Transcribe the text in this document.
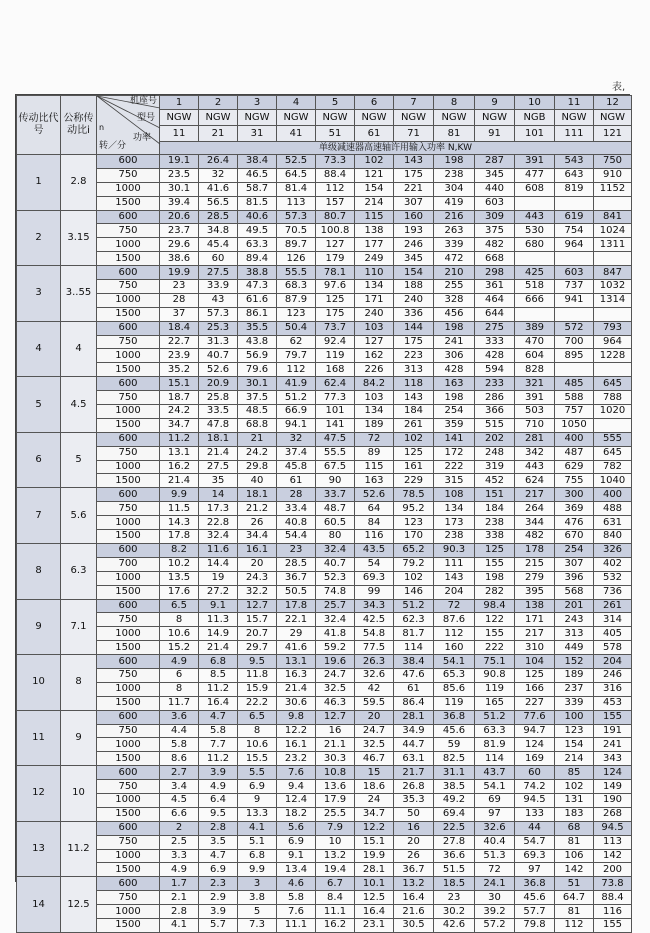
表,
传动比代号	公称传动比i	机座号
型号
n
功率
转／分	1	2	3	4	5	6	7	8	9	10	11	12
			NGW	NGW	NGW	NGW	NGW	NGW	NGW	NGW	NGW	NGB	NGW	NGW
			11	21	31	41	51	61	71	81	91	101	111	121
			单级减速器高速轴许用输入功率 N,KW											
1	2.8	600	19.1	26.4	38.4	52.5	73.3	102	143	198	287	391	543	750
		750	23.5	32	46.5	64.5	88.4	121	175	238	345	477	643	910
		1000	30.1	41.6	58.7	81.4	112	154	221	304	440	608	819	1152
		1500	39.4	56.5	81.5	113	157	214	307	419	603			
2	3.15	600	20.6	28.5	40.6	57.3	80.7	115	160	216	309	443	619	841
		750	23.7	34.8	49.5	70.5	100.8	138	193	263	375	530	754	1024
		1000	29.6	45.4	63.3	89.7	127	177	246	339	482	680	964	1311
		1500	38.6	60	89.4	126	179	249	345	472	668			
3	3..55	600	19.9	27.5	38.8	55.5	78.1	110	154	210	298	425	603	847
		750	23	33.9	47.3	68.3	97.6	134	188	255	361	518	737	1032
		1000	28	43	61.6	87.9	125	171	240	328	464	666	941	1314
		1500	37	57.3	86.1	123	175	240	336	456	644			
4	4	600	18.4	25.3	35.5	50.4	73.7	103	144	198	275	389	572	793
		750	22.7	31.3	43.8	62	92.4	127	175	241	333	470	700	964
		1000	23.9	40.7	56.9	79.7	119	162	223	306	428	604	895	1228
		1500	35.2	52.6	79.6	112	168	226	313	428	594	828		
5	4.5	600	15.1	20.9	30.1	41.9	62.4	84.2	118	163	233	321	485	645
		750	18.7	25.8	37.5	51.2	77.3	103	143	198	286	391	588	788
		1000	24.2	33.5	48.5	66.9	101	134	184	254	366	503	757	1020
		1500	34.7	47.8	68.8	94.1	141	189	261	359	515	710	1050	
6	5	600	11.2	18.1	21	32	47.5	72	102	141	202	281	400	555
		750	13.1	21.4	24.2	37.4	55.5	89	125	172	248	342	487	645
		1000	16.2	27.5	29.8	45.8	67.5	115	161	222	319	443	629	782
		1500	21.4	35	40	61	90	163	229	315	452	624	755	1040
7	5.6	600	9.9	14	18.1	28	33.7	52.6	78.5	108	151	217	300	400
		750	11.5	17.3	21.2	33.4	48.7	64	95.2	134	184	264	369	488
		1000	14.3	22.8	26	40.8	60.5	84	123	173	238	344	476	631
		1500	17.8	32.4	34.4	54.4	80	116	170	238	338	482	670	840
8	6.3	600	8.2	11.6	16.1	23	32.4	43.5	65.2	90.3	125	178	254	326
		700	10.2	14.4	20	28.5	40.7	54	79.2	111	155	215	307	402
		1000	13.5	19	24.3	36.7	52.3	69.3	102	143	198	279	396	532
		1500	17.6	27.2	32.2	50.5	74.8	99	146	204	282	395	568	736
9	7.1	600	6.5	9.1	12.7	17.8	25.7	34.3	51.2	72	98.4	138	201	261
		750	8	11.3	15.7	22.1	32.4	42.5	62.3	87.6	122	171	243	314
		1000	10.6	14.9	20.7	29	41.8	54.8	81.7	112	155	217	313	405
		1500	15.2	21.4	29.7	41.6	59.2	77.5	114	160	222	310	449	578
10	8	600	4.9	6.8	9.5	13.1	19.6	26.3	38.4	54.1	75.1	104	152	204
		750	6	8.5	11.8	16.3	24.7	32.6	47.6	65.3	90.8	125	189	246
		1000	8	11.2	15.9	21.4	32.5	42	61	85.6	119	166	237	316
		1500	11.7	16.4	22.2	30.6	46.3	59.5	86.4	119	165	227	339	453
11	9	600	3.6	4.7	6.5	9.8	12.7	20	28.1	36.8	51.2	77.6	100	155
		750	4.4	5.8	8	12.2	16	24.7	34.9	45.6	63.3	94.7	123	191
		1000	5.8	7.7	10.6	16.1	21.1	32.5	44.7	59	81.9	124	154	241
		1500	8.6	11.2	15.5	23.2	30.3	46.7	63.1	82.5	114	169	214	343
12	10	600	2.7	3.9	5.5	7.6	10.8	15	21.7	31.1	43.7	60	85	124
		750	3.4	4.9	6.9	9.4	13.6	18.6	26.8	38.5	54.1	74.2	102	149
		1000	4.5	6.4	9	12.4	17.9	24	35.3	49.2	69	94.5	131	190
		1500	6.6	9.5	13.3	18.2	25.5	34.7	50	69.4	97	133	183	268
13	11.2	600	2	2.8	4.1	5.6	7.9	12.2	16	22.5	32.6	44	68	94.5
		750	2.5	3.5	5.1	6.9	10	15.1	20	27.8	40.4	54.7	81	113
		1000	3.3	4.7	6.8	9.1	13.2	19.9	26	36.6	51.3	69.3	106	142
		1500	4.9	6.9	9.9	13.4	19.4	28.1	36.7	51.5	72	97	142	200
14	12.5	600	1.7	2.3	3	4.6	6.7	10.1	13.2	18.5	24.1	36.8	51	73.8
		750	2.1	2.9	3.8	5.8	8.4	12.5	16.4	23	30	45.6	64.7	88.4
		1000	2.8	3.9	5	7.6	11.1	16.4	21.6	30.2	39.2	57.7	81	116
		1500	4.1	5.7	7.3	11.1	16.2	23.1	30.5	42.6	57.2	79.8	112	155
